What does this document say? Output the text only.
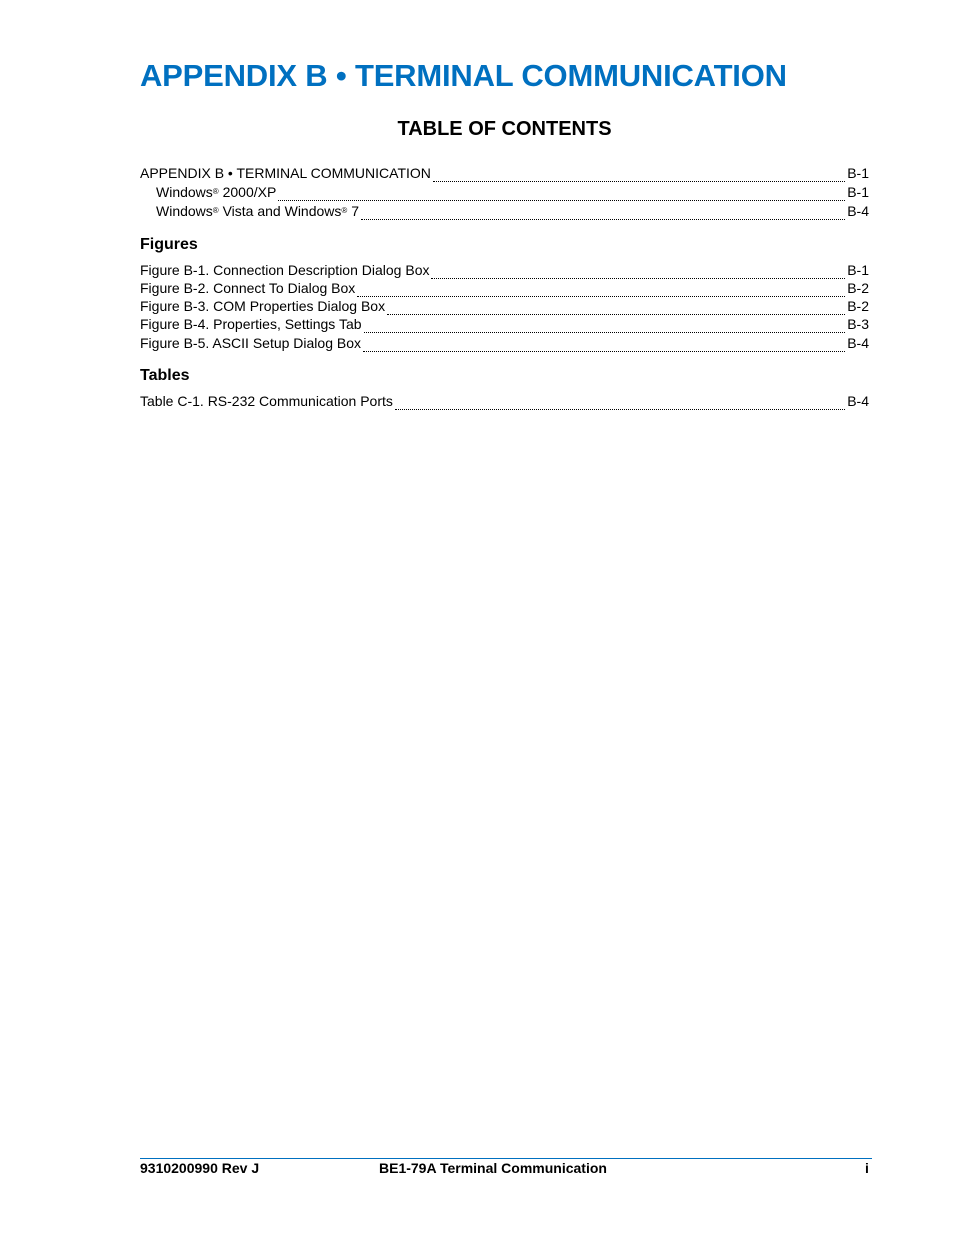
APPENDIX B • TERMINAL COMMUNICATION
TABLE OF CONTENTS
APPENDIX B • TERMINAL COMMUNICATION	B-1
Windows® 2000/XP	B-1
Windows® Vista and Windows® 7	B-4
Figures
Figure B-1. Connection Description Dialog Box	B-1
Figure B-2. Connect To Dialog Box	B-2
Figure B-3. COM Properties Dialog Box	B-2
Figure B-4. Properties, Settings Tab	B-3
Figure B-5. ASCII Setup Dialog Box	B-4
Tables
Table C-1. RS-232 Communication Ports	B-4
9310200990 Rev J	BE1-79A Terminal Communication	i
